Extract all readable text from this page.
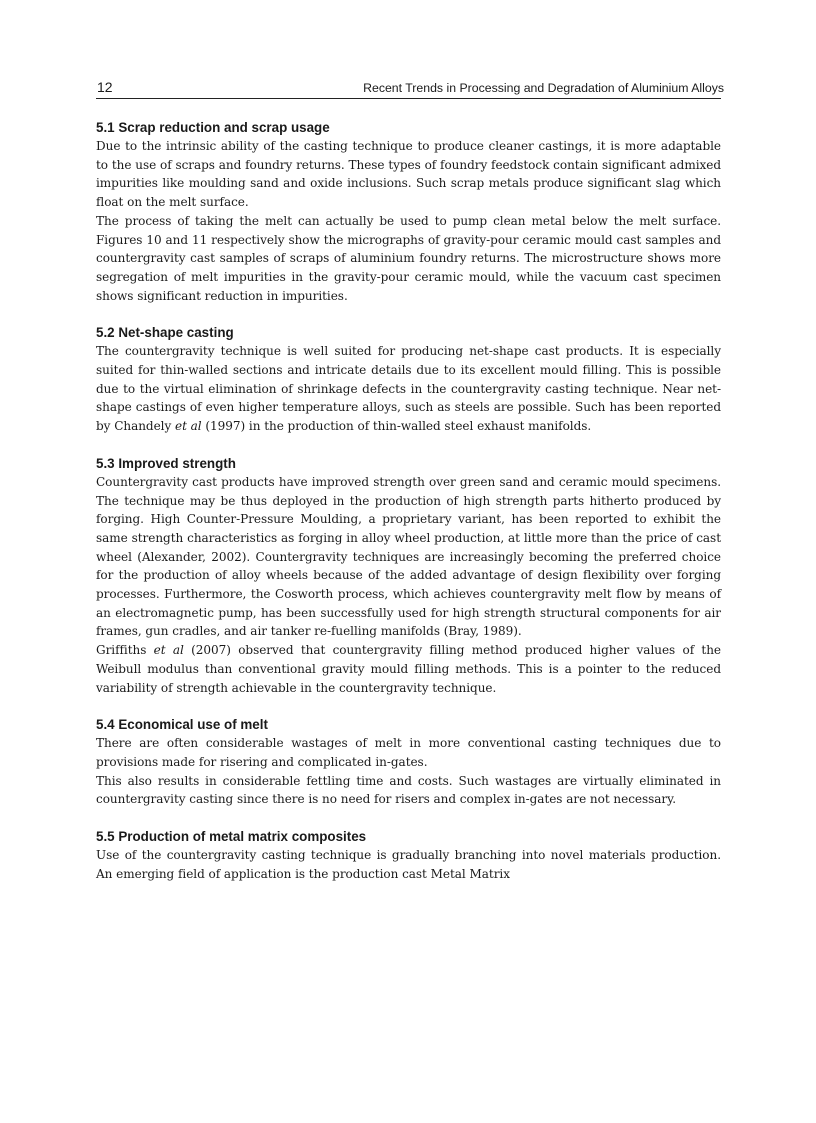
12	Recent Trends in Processing and Degradation of Aluminium Alloys
5.1 Scrap reduction and scrap usage

Due to the intrinsic ability of the casting technique to produce cleaner castings, it is more adaptable to the use of scraps and foundry returns. These types of foundry feedstock contain significant admixed impurities like moulding sand and oxide inclusions. Such scrap metals produce significant slag which float on the melt surface.

The process of taking the melt can actually be used to pump clean metal below the melt surface. Figures 10 and 11 respectively show the micrographs of gravity-pour ceramic mould cast samples and countergravity cast samples of scraps of aluminium foundry returns. The microstructure shows more segregation of melt impurities in the gravity-pour ceramic mould, while the vacuum cast specimen shows significant reduction in impurities.

5.2 Net-shape casting

The countergravity technique is well suited for producing net-shape cast products. It is especially suited for thin-walled sections and intricate details due to its excellent mould filling. This is possible due to the virtual elimination of shrinkage defects in the countergravity casting technique. Near net-shape castings of even higher temperature alloys, such as steels are possible. Such has been reported by Chandely et al (1997) in the production of thin-walled steel exhaust manifolds.

5.3 Improved strength

Countergravity cast products have improved strength over green sand and ceramic mould specimens. The technique may be thus deployed in the production of high strength parts hitherto produced by forging. High Counter-Pressure Moulding, a proprietary variant, has been reported to exhibit the same strength characteristics as forging in alloy wheel production, at little more than the price of cast wheel (Alexander, 2002). Countergravity techniques are increasingly becoming the preferred choice for the production of alloy wheels because of the added advantage of design flexibility over forging processes. Furthermore, the Cosworth process, which achieves countergravity melt flow by means of an electromagnetic pump, has been successfully used for high strength structural components for air frames, gun cradles, and air tanker re-fuelling manifolds (Bray, 1989).

Griffiths et al (2007) observed that countergravity filling method produced higher values of the Weibull modulus than conventional gravity mould filling methods. This is a pointer to the reduced variability of strength achievable in the countergravity technique.

5.4 Economical use of melt

There are often considerable wastages of melt in more conventional casting techniques due to provisions made for risering and complicated in-gates.

This also results in considerable fettling time and costs. Such wastages are virtually eliminated in countergravity casting since there is no need for risers and complex in-gates are not necessary.

5.5 Production of metal matrix composites

Use of the countergravity casting technique is gradually branching into novel materials production. An emerging field of application is the production cast Metal Matrix
